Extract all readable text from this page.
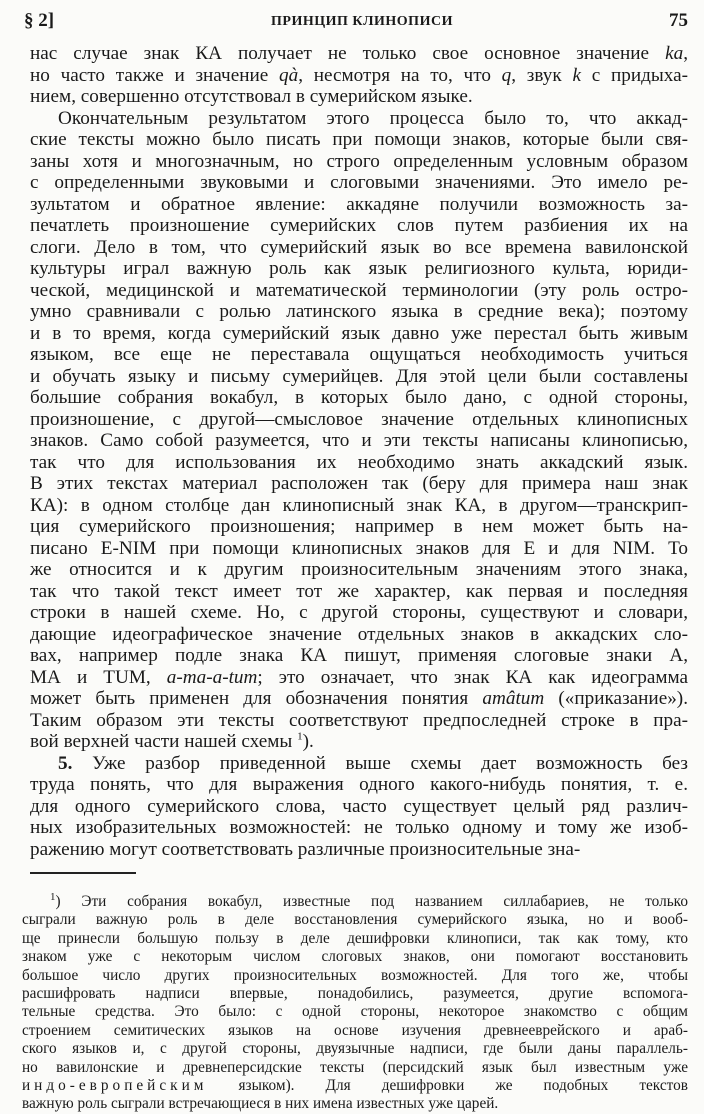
§ 2]	ПРИНЦИП КЛИНОПИСИ	75
нас случае знак КА получает не только свое основное значение ka,
но часто также и значение qà, несмотря на то, что q, звук k с придыха-
нием, совершенно отсутствовал в сумерийском языке.
Окончательным результатом этого процесса было то, что аккад-
ские тексты можно было писать при помощи знаков, которые были свя-
заны хотя и многозначным, но строго определенным условным образом
с определенными звуковыми и слоговыми значениями. Это имело ре-
зультатом и обратное явление: аккадяне получили возможность за-
печатлеть произношение сумерийских слов путем разбиения их на
слоги. Дело в том, что сумерийский язык во все времена вавилонской
культуры играл важную роль как язык религиозного культа, юриди-
ческой, медицинской и математической терминологии (эту роль остро-
умно сравнивали с ролью латинского языка в средние века); поэтому
и в то время, когда сумерийский язык давно уже перестал быть живым
языком, все еще не переставала ощущаться необходимость учиться
и обучать языку и письму сумерийцев. Для этой цели были составлены
большие собрания вокабул, в которых было дано, с одной стороны,
произношение, с другой—смысловое значение отдельных клинописных
знаков. Само собой разумеется, что и эти тексты написаны клинописью,
так что для использования их необходимо знать аккадский язык.
В этих текстах материал расположен так (беру для примера наш знак
КА): в одном столбце дан клинописный знак КА, в другом—транскрип-
ция сумерийского произношения; например в нем может быть на-
писано E-NIM при помощи клинописных знаков для E и для NIM. То
же относится и к другим произносительным значениям этого знака,
так что такой текст имеет тот же характер, как первая и последняя
строки в нашей схеме. Но, с другой стороны, существуют и словари,
дающие идеографическое значение отдельных знаков в аккадских сло-
вах, например подле знака КА пишут, применяя слоговые знаки A,
МА и TUM, a-ma-a-tum; это означает, что знак КА как идеограмма
может быть применен для обозначения понятия amâtum («приказание»).
Таким образом эти тексты соответствуют предпоследней строке в пра-
вой верхней части нашей схемы $^1$).
5. Уже разбор приведенной выше схемы дает возможность без
труда понять, что для выражения одного какого-нибудь понятия, т. е.
для одного сумерийского слова, часто существует целый ряд различ-
ных изобразительных возможностей: не только одному и тому же изоб-
ражению могут соответствовать различные произносительные зна-
$^1$) Эти собрания вокабул, известные под названием силлабариев, не только
сыграли важную роль в деле восстановления сумерийского языка, но и вооб-
ще принесли большую пользу в деле дешифровки клинописи, так как тому, кто
знаком уже с некоторым числом слоговых знаков, они помогают восстановить
большое число других произносительных возможностей. Для того же, чтобы
расшифровать надписи впервые, понадобились, разумеется, другие вспомога-
тельные средства. Это было: с одной стороны, некоторое знакомство с общим
строением семитических языков на основе изучения древнееврейского и араб-
ского языков и, с другой стороны, двуязычные надписи, где были даны параллель-
но вавилонские и древнеперсидские тексты (персидский язык был известным уже
индо-европейским языком). Для дешифровки же подобных текстов
важную роль сыграли встречающиеся в них имена известных уже царей.
